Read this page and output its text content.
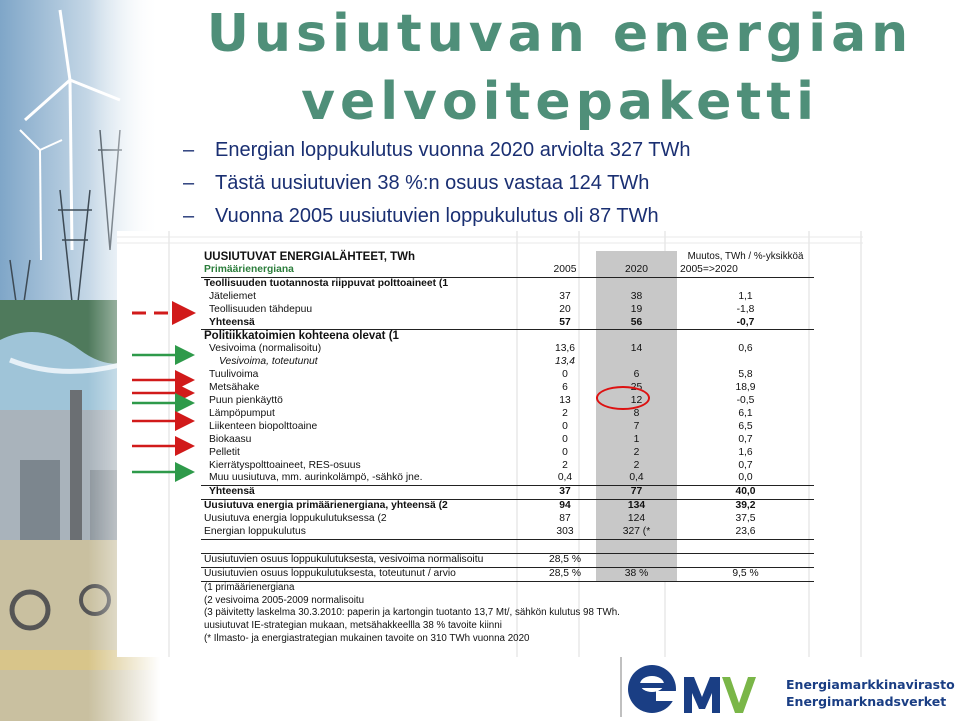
Uusiutuvan energian
velvoitepaketti
– Energian loppukulutus vuonna 2020 arviolta 327 TWh
– Tästä uusiutuvien 38 %:n osuus vastaa 124 TWh
– Vuonna 2005 uusiutuvien loppukulutus oli 87 TWh
UUSIUTUVAT ENERGIALÄHTEET, TWh			Muutos, TWh / %-yksikköä
Primäärienergiana	2005	2020	2005=>2020
Teollisuuden tuotannosta riippuvat polttoaineet (1			
Jäteliemet	37	38	1,1
Teollisuuden tähdepuu	20	19	-1,8
Yhteensä	57	56	-0,7
Politiikkatoimien kohteena olevat (1			
Vesivoima (normalisoitu)	13,6	14	0,6
Vesivoima, toteutunut	13,4		
Tuulivoima	0	6	5,8
Metsähake	6	25	18,9
Puun pienkäyttö	13	12	-0,5
Lämpöpumput	2	8	6,1
Liikenteen biopolttoaine	0	7	6,5
Biokaasu	0	1	0,7
Pelletit	0	2	1,6
Kierrätyspolttoaineet, RES-osuus	2	2	0,7
Muu uusiutuva, mm. aurinkolämpö, -sähkö jne.	0,4	0,4	0,0
Yhteensä	37	77	40,0
Uusiutuva energia primäärienergiana, yhteensä (2	94	134	39,2
Uusiutuva energia loppukulutuksessa (2	87	124	37,5
Energian loppukulutus	303	327 (*	23,6

Uusiutuvien osuus loppukulutuksesta, vesivoima normalisoitu	28,5 %		
Uusiutuvien osuus loppukulutuksesta, toteutunut / arvio	28,5 %	38 %	9,5 %
(1 primäärienergiana			
(2 vesivoima 2005-2009 normalisoitu			
(3 päivitetty laskelma 30.3.2010: paperin ja kartongin tuotanto 13,7 Mt/, sähkön kulutus 98 TWh.			
uusiutuvat IE-strategian mukaan, metsähakkeellla 38 % tavoite kiinni			
(* Ilmasto- ja energiastrategian mukainen tavoite on 310 TWh vuonna 2020			
Energiamarkkinavirasto
Energimarknadsverket
